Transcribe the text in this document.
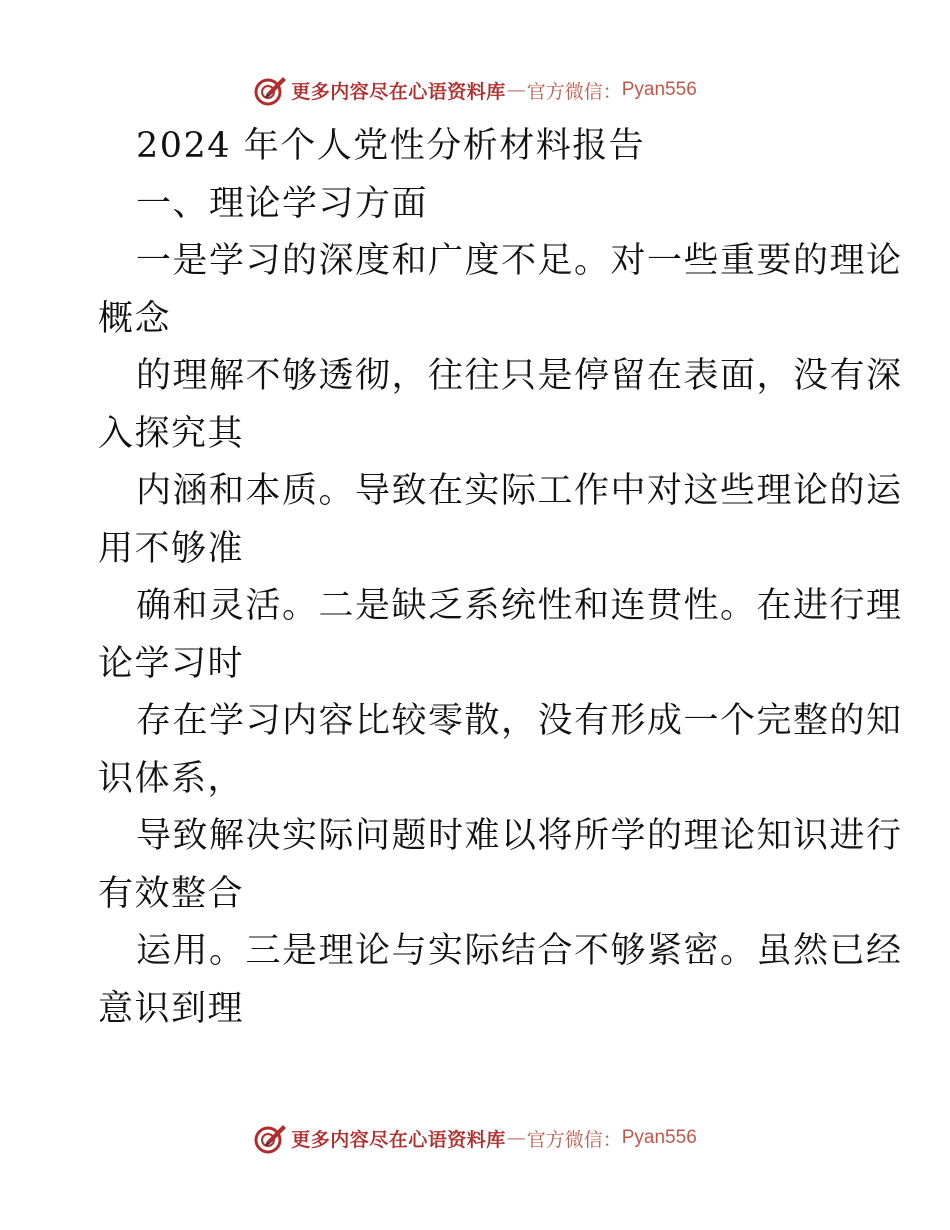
更多内容尽在心语资料库 — 官方微信： Pyan556
2024 年个人党性分析材料报告
一、理论学习方面
一是学习的深度和广度不足。对一些重要的理论
概念
的理解不够透彻，往往只是停留在表面，没有深
入探究其
内涵和本质。导致在实际工作中对这些理论的运
用不够准
确和灵活。二是缺乏系统性和连贯性。在进行理
论学习时
存在学习内容比较零散，没有形成一个完整的知
识体系，
导致解决实际问题时难以将所学的理论知识进行
有效整合
运用。三是理论与实际结合不够紧密。虽然已经
意识到理
更多内容尽在心语资料库 — 官方微信： Pyan556
